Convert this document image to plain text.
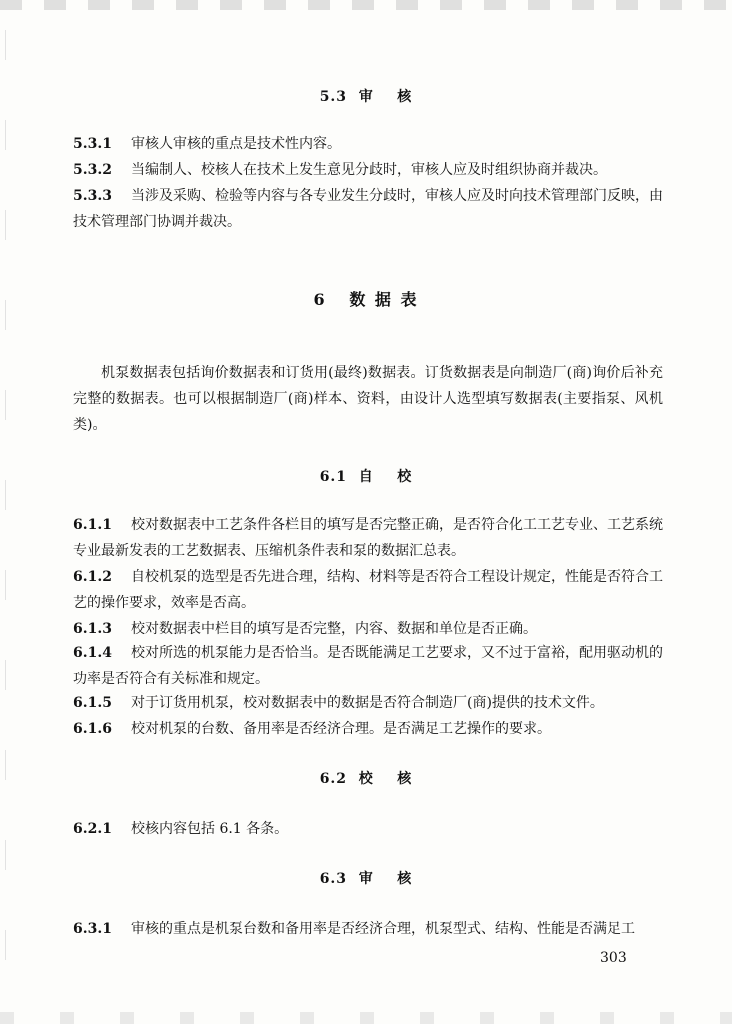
5.3  审    核
5.3.1 审核人审核的重点是技术性内容。
5.3.2 当编制人、校核人在技术上发生意见分歧时，审核人应及时组织协商并裁决。
5.3.3 当涉及采购、检验等内容与各专业发生分歧时，审核人应及时向技术管理部门反映，由技术管理部门协调并裁决。
6   数 据 表
机泵数据表包括询价数据表和订货用(最终)数据表。订货数据表是向制造厂(商)询价后补充完整的数据表。也可以根据制造厂(商)样本、资料，由设计人选型填写数据表(主要指泵、风机类)。
6.1  自    校
6.1.1 校对数据表中工艺条件各栏目的填写是否完整正确，是否符合化工工艺专业、工艺系统专业最新发表的工艺数据表、压缩机条件表和泵的数据汇总表。
6.1.2 自校机泵的选型是否先进合理，结构、材料等是否符合工程设计规定，性能是否符合工艺的操作要求，效率是否高。
6.1.3 校对数据表中栏目的填写是否完整，内容、数据和单位是否正确。
6.1.4 校对所选的机泵能力是否恰当。是否既能满足工艺要求，又不过于富裕，配用驱动机的功率是否符合有关标准和规定。
6.1.5 对于订货用机泵，校对数据表中的数据是否符合制造厂(商)提供的技术文件。
6.1.6 校对机泵的台数、备用率是否经济合理。是否满足工艺操作的要求。
6.2  校    核
6.2.1 校核内容包括 6.1 各条。
6.3  审    核
6.3.1 审核的重点是机泵台数和备用率是否经济合理，机泵型式、结构、性能是否满足工
303
